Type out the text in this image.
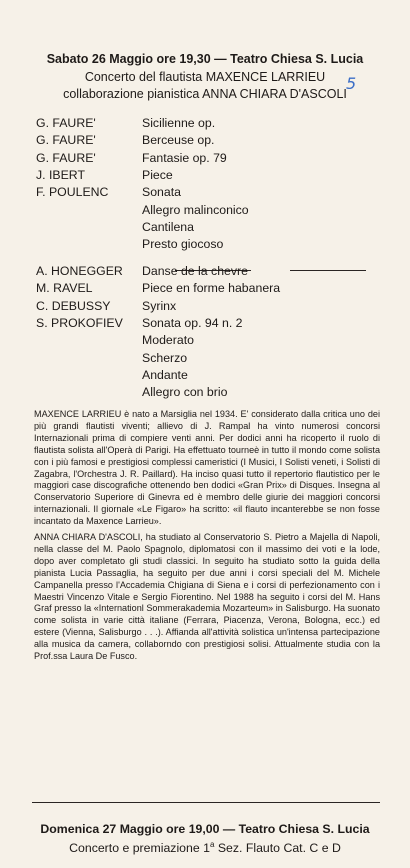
Sabato 26 Maggio ore 19,30 — Teatro Chiesa S. Lucia
Concerto del flautista MAXENCE LARRIEU
collaborazione pianistica ANNA CHIARA D'ASCOLI
5
G. FAURE'	Sicilienne op.
G. FAURE'	Berceuse op.
G. FAURE'	Fantasie op. 79
J. IBERT	Piece
F. POULENC	Sonata
Allegro malinconico
Cantilena
Presto giocoso
A. HONEGGER Danse de la chevre
M. RAVEL	Piece en forme habanera
C. DEBUSSY	Syrinx
S. PROKOFIEV Sonata op. 94 n. 2
Moderato
Scherzo
Andante
Allegro con brio

MAXENCE LARRIEU è nato a Marsiglia nel 1934. E' considerato dalla critica uno dei più grandi flautisti viventi; allievo di J. Rampal ha vinto numerosi concorsi Internazionali prima di compiere venti anni. Per dodici anni ha ricoperto il ruolo di flautista solista all'Operà di Parigi. Ha effettuato tourneè in tutto il mondo come solista con i più famosi e prestigiosi complessi cameristici (I Musici, I Solisti veneti, i Solisti di Zagabra, l'Orchestra J. R. Paillard). Ha inciso quasi tutto il repertorio flautistico per le maggiori case discografiche ottenendo ben dodici «Gran Prix» di Disques. Insegna al Conservatorio Superiore di Ginevra ed è membro delle giurie dei maggiori concorsi internazionali. Il giornale «Le Figaro» ha scritto: «il flauto incanterebbe se non fosse incantato da Maxence Larrieu».

ANNA CHIARA D'ASCOLI, ha studiato al Conservatorio S. Pietro a Majella di Napoli, nella classe del M. Paolo Spagnolo, diplomatosi con il massimo dei voti e la lode, dopo aver completato gli studi classici. In seguito ha studiato sotto la guida della pianista Lucia Passaglia, ha seguito per due anni i corsi speciali del M. Michele Campanella presso l'Accademia Chigiana di Siena e i corsi di perfezionamento con i Maestri Vincenzo Vitale e Sergio Fiorentino. Nel 1988 ha seguito i corsi del M. Hans Graf presso la «Internationl Sommerakademia Mozarteum» in Salisburgo. Ha suonato come solista in varie città italiane (Ferrara, Piacenza, Verona, Bologna, ecc.) ed estere (Vienna, Salisburgo . . .). Affianda all'attività solistica un'intensa partecipazione alla musica da camera, collaborndo con prestigiosi solisi. Attualmente studia con la Prof.ssa Laura De Fusco.

Domenica 27 Maggio ore 19,00 — Teatro Chiesa S. Lucia
Concerto e premiazione 1$^a$ Sez. Flauto Cat. C e D
